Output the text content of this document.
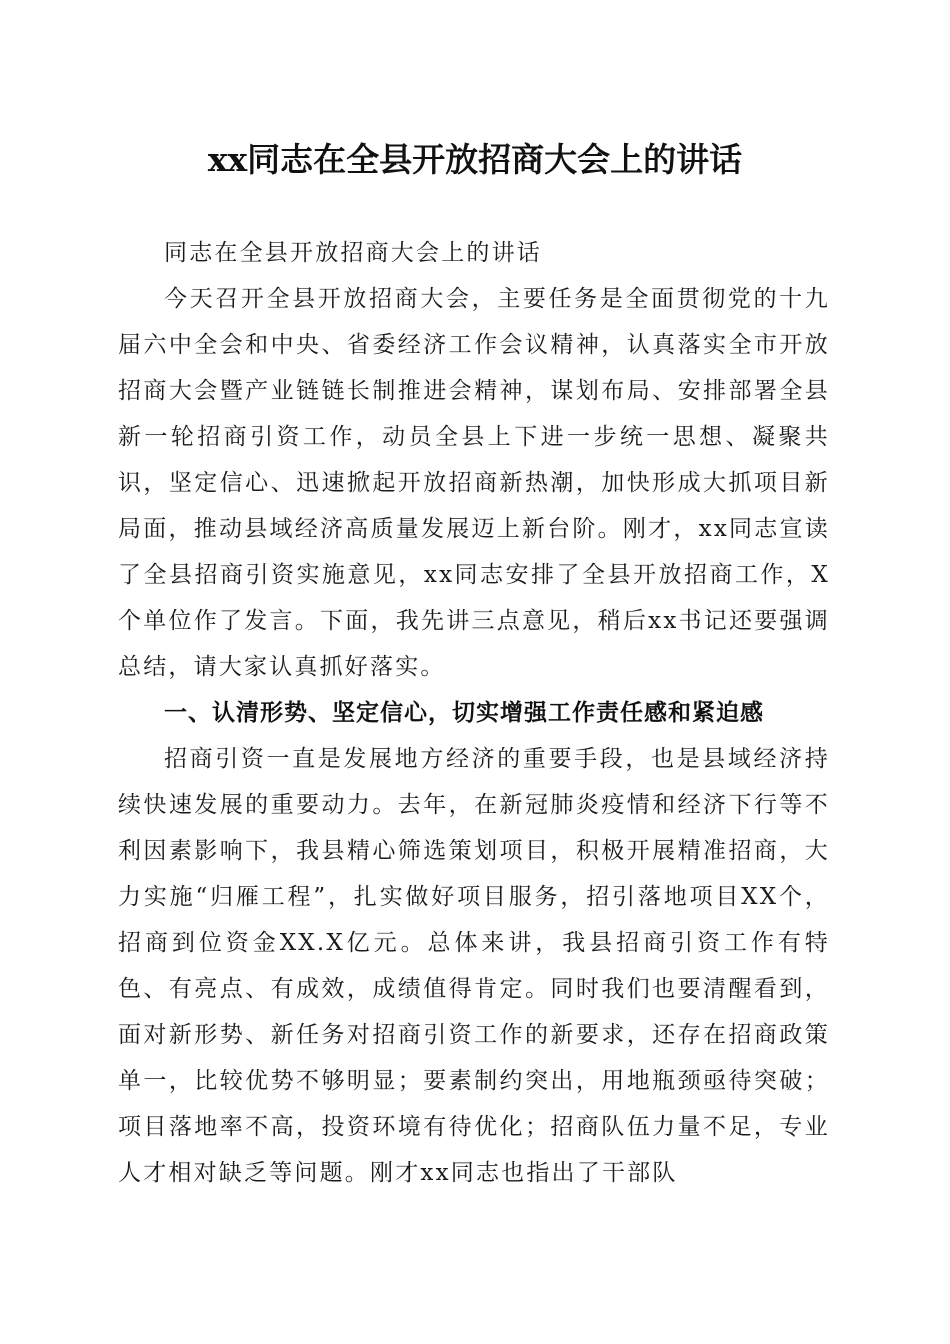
xx同志在全县开放招商大会上的讲话

同志在全县开放招商大会上的讲话

今天召开全县开放招商大会，主要任务是全面贯彻党的十九届六中全会和中央、省委经济工作会议精神，认真落实全市开放招商大会暨产业链链长制推进会精神，谋划布局、安排部署全县新一轮招商引资工作，动员全县上下进一步统一思想、凝聚共识，坚定信心、迅速掀起开放招商新热潮，加快形成大抓项目新局面，推动县域经济高质量发展迈上新台阶。刚才，xx同志宣读了全县招商引资实施意见，xx同志安排了全县开放招商工作，X个单位作了发言。下面，我先讲三点意见，稍后xx书记还要强调总结，请大家认真抓好落实。

一、认清形势、坚定信心，切实增强工作责任感和紧迫感

招商引资一直是发展地方经济的重要手段，也是县域经济持续快速发展的重要动力。去年，在新冠肺炎疫情和经济下行等不利因素影响下，我县精心筛选策划项目，积极开展精准招商，大力实施“归雁工程”，扎实做好项目服务，招引落地项目XX个，招商到位资金XX.X亿元。总体来讲，我县招商引资工作有特色、有亮点、有成效，成绩值得肯定。同时我们也要清醒看到，面对新形势、新任务对招商引资工作的新要求，还存在招商政策单一，比较优势不够明显；要素制约突出，用地瓶颈亟待突破；项目落地率不高，投资环境有待优化；招商队伍力量不足，专业人才相对缺乏等问题。刚才xx同志也指出了干部队
